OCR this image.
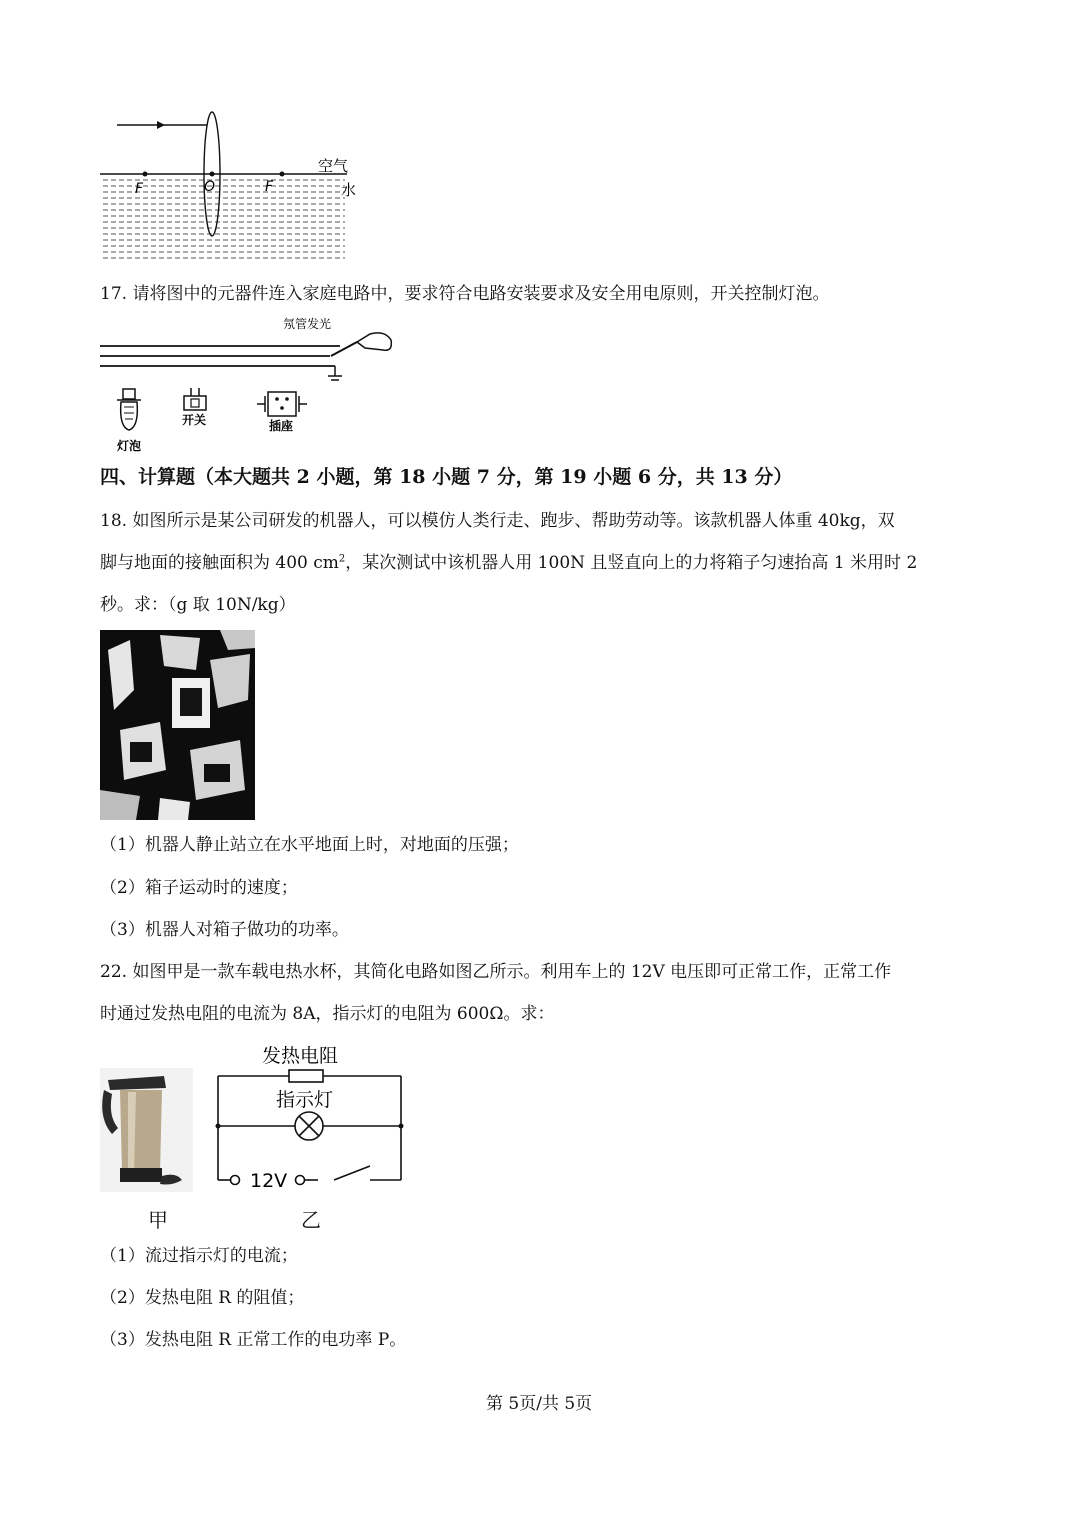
F	O	F
空气
水
17. 请将图中的元器件连入家庭电路中，要求符合电路安装要求及安全用电原则，开关控制灯泡。
氖管发光
灯泡
开关	插座
四、计算题（本大题共 2 小题，第 18 小题 7 分，第 19 小题 6 分，共 13 分）
18. 如图所示是某公司研发的机器人，可以模仿人类行走、跑步、帮助劳动等。该款机器人体重 40kg，双
脚与地面的接触面积为 400 $cm^2$，某次测试中该机器人用 100N 且竖直向上的力将箱子匀速抬高 1 米用时 2
秒。求：（g 取 10N/kg）
（1）机器人静止站立在水平地面上时，对地面的压强；
（2）箱子运动时的速度；
（3）机器人对箱子做功的功率。
22. 如图甲是一款车载电热水杯，其简化电路如图乙所示。利用车上的 12V 电压即可正常工作，正常工作
时通过发热电阻的电流为 8A，指示灯的电阻为 600Ω。求：
甲
发热电阻
指示灯
12V
乙
（1）流过指示灯的电流；
（2）发热电阻 R 的阻值；
（3）发热电阻 R 正常工作的电功率 P。
第 5页/共 5页
